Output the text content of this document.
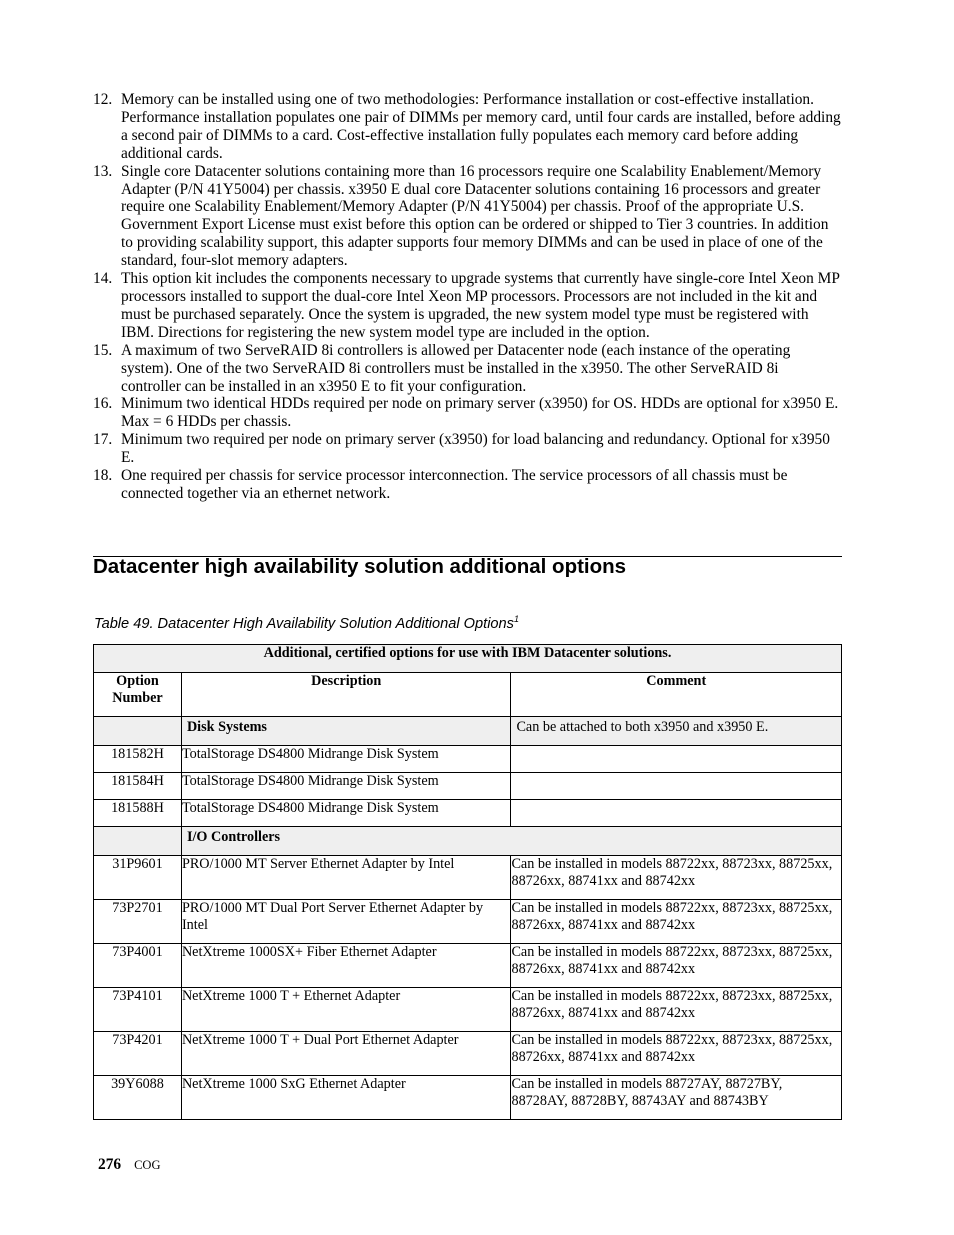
12. Memory can be installed using one of two methodologies: Performance installation or cost-effective installation. Performance installation populates one pair of DIMMs per memory card, until four cards are installed, before adding a second pair of DIMMs to a card. Cost-effective installation fully populates each memory card before adding additional cards.
13. Single core Datacenter solutions containing more than 16 processors require one Scalability Enablement/Memory Adapter (P/N 41Y5004) per chassis. x3950 E dual core Datacenter solutions containing 16 processors and greater require one Scalability Enablement/Memory Adapter (P/N 41Y5004) per chassis. Proof of the appropriate U.S. Government Export License must exist before this option can be ordered or shipped to Tier 3 countries. In addition to providing scalability support, this adapter supports four memory DIMMs and can be used in place of one of the standard, four-slot memory adapters.
14. This option kit includes the components necessary to upgrade systems that currently have single-core Intel Xeon MP processors installed to support the dual-core Intel Xeon MP processors. Processors are not included in the kit and must be purchased separately. Once the system is upgraded, the new system model type must be registered with IBM. Directions for registering the new system model type are included in the option.
15. A maximum of two ServeRAID 8i controllers is allowed per Datacenter node (each instance of the operating system). One of the two ServeRAID 8i controllers must be installed in the x3950. The other ServeRAID 8i controller can be installed in an x3950 E to fit your configuration.
16. Minimum two identical HDDs required per node on primary server (x3950) for OS. HDDs are optional for x3950 E. Max = 6 HDDs per chassis.
17. Minimum two required per node on primary server (x3950) for load balancing and redundancy. Optional for x3950 E.
18. One required per chassis for service processor interconnection. The service processors of all chassis must be connected together via an ethernet network.
Datacenter high availability solution additional options

Table 49. Datacenter High Availability Solution Additional Options$^1$

Additional, certified options for use with IBM Datacenter solutions.		
Option Number	Description	Comment
	Disk Systems	Can be attached to both x3950 and x3950 E.
181582H	TotalStorage DS4800 Midrange Disk System	
181584H	TotalStorage DS4800 Midrange Disk System	
181588H	TotalStorage DS4800 Midrange Disk System	
	I/O Controllers	
31P9601	PRO/1000 MT Server Ethernet Adapter by Intel	Can be installed in models 88722xx, 88723xx, 88725xx, 88726xx, 88741xx and 88742xx
73P2701	PRO/1000 MT Dual Port Server Ethernet Adapter by Intel	Can be installed in models 88722xx, 88723xx, 88725xx, 88726xx, 88741xx and 88742xx
73P4001	NetXtreme 1000SX+ Fiber Ethernet Adapter	Can be installed in models 88722xx, 88723xx, 88725xx, 88726xx, 88741xx and 88742xx
73P4101	NetXtreme 1000 T + Ethernet Adapter	Can be installed in models 88722xx, 88723xx, 88725xx, 88726xx, 88741xx and 88742xx
73P4201	NetXtreme 1000 T + Dual Port Ethernet Adapter	Can be installed in models 88722xx, 88723xx, 88725xx, 88726xx, 88741xx and 88742xx
39Y6088	NetXtreme 1000 SxG Ethernet Adapter	Can be installed in models 88727AY, 88727BY, 88728AY, 88728BY, 88743AY and 88743BY
276 COG
